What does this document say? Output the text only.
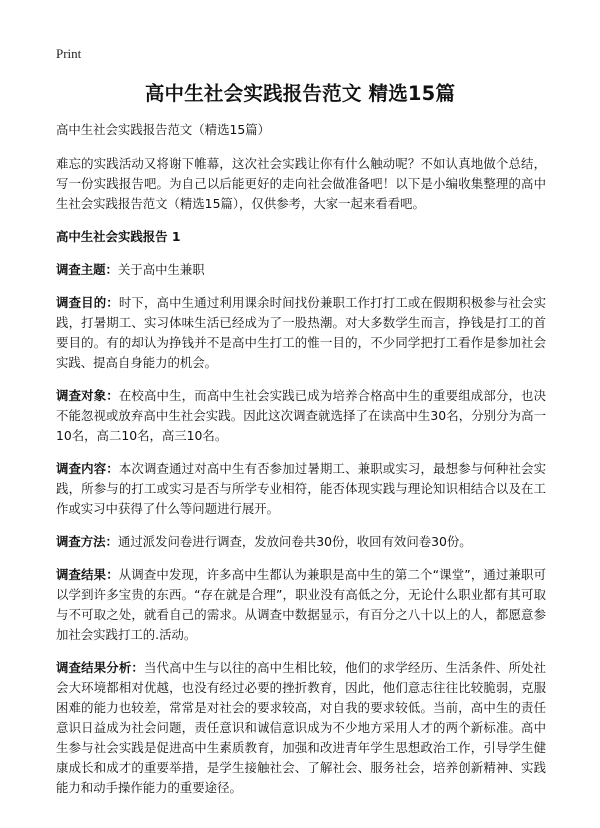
Print
高中生社会实践报告范文 精选15篇
高中生社会实践报告范文（精选15篇）
难忘的实践活动又将谢下帷幕，这次社会实践让你有什么触动呢？不如认真地做个总结，写一份实践报告吧。为自己以后能更好的走向社会做准备吧！以下是小编收集整理的高中生社会实践报告范文（精选15篇），仅供参考，大家一起来看看吧。
高中生社会实践报告 1
调查主题：关于高中生兼职
调查目的：时下，高中生通过利用课余时间找份兼职工作打打工或在假期积极参与社会实践，打暑期工、实习体味生活已经成为了一股热潮。对大多数学生而言，挣钱是打工的首要目的。有的却认为挣钱并不是高中生打工的惟一目的，不少同学把打工看作是参加社会实践、提高自身能力的机会。
调查对象：在校高中生，而高中生社会实践已成为培养合格高中生的重要组成部分，也决不能忽视或放弃高中生社会实践。因此这次调查就选择了在读高中生30名，分别分为高一10名，高二10名，高三10名。
调查内容：本次调查通过对高中生有否参加过暑期工、兼职或实习，最想参与何种社会实践，所参与的打工或实习是否与所学专业相符，能否体现实践与理论知识相结合以及在工作或实习中获得了什么等问题进行展开。
调查方法：通过派发问卷进行调查，发放问卷共30份，收回有效问卷30份。
调查结果：从调查中发现，许多高中生都认为兼职是高中生的第二个“课堂”，通过兼职可以学到许多宝贵的东西。“存在就是合理”，职业没有高低之分，无论什么职业都有其可取与不可取之处，就看自己的需求。从调查中数据显示，有百分之八十以上的人，都愿意参加社会实践打工的.活动。
调查结果分析：当代高中生与以往的高中生相比较，他们的求学经历、生活条件、所处社会大环境都相对优越，也没有经过必要的挫折教育，因此，他们意志往往比较脆弱，克服困难的能力也较差，常常是对社会的要求较高，对自我的要求较低。当前，高中生的责任意识日益成为社会问题，责任意识和诚信意识成为不少地方采用人才的两个新标准。高中生参与社会实践是促进高中生素质教育，加强和改进青年学生思想政治工作，引导学生健康成长和成才的重要举措，是学生接触社会、了解社会、服务社会，培养创新精神、实践能力和动手操作能力的重要途径。
